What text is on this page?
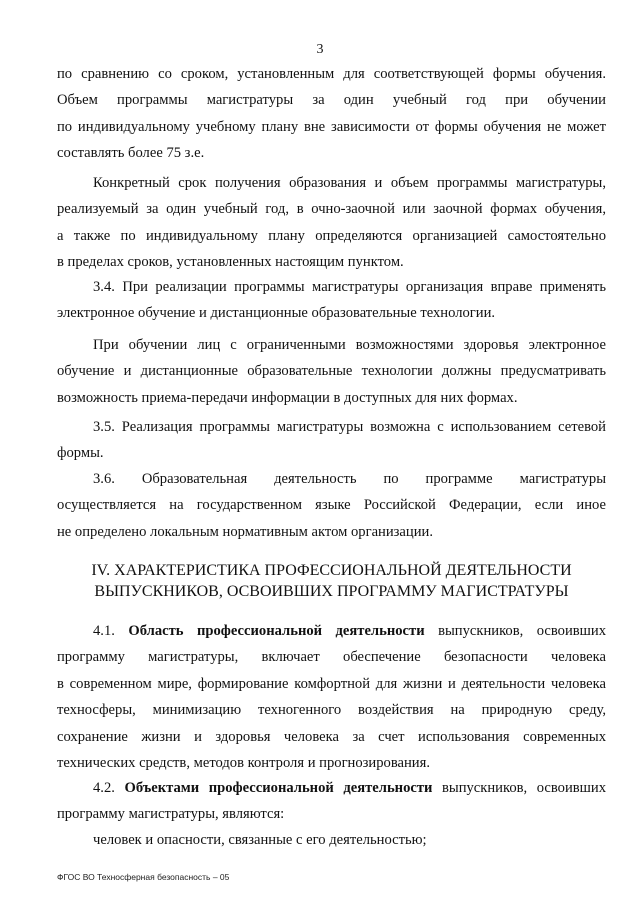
3

по сравнению со сроком, установленным для соответствующей формы обучения.

Объем программы магистратуры за один учебный год при обучении

по индивидуальному учебному плану вне зависимости от формы обучения не может

составлять более 75 з.е.

Конкретный срок получения образования и объем программы магистратуры,

реализуемый за один учебный год, в очно-заочной или заочной формах обучения,

а также по индивидуальному плану определяются организацией самостоятельно

в пределах сроков, установленных настоящим пунктом.

3.4. При реализации программы магистратуры организация вправе применять

электронное обучение и дистанционные образовательные технологии.

При обучении лиц с ограниченными возможностями здоровья электронное

обучение и дистанционные образовательные технологии должны предусматривать

возможность приема-передачи информации в доступных для них формах.

3.5. Реализация программы магистратуры возможна с использованием сетевой

формы.

3.6. Образовательная деятельность по программе магистратуры

осуществляется на государственном языке Российской Федерации, если иное

не определено локальным нормативным актом организации.

IV. ХАРАКТЕРИСТИКА ПРОФЕССИОНАЛЬНОЙ ДЕЯТЕЛЬНОСТИ

ВЫПУСКНИКОВ, ОСВОИВШИХ ПРОГРАММУ МАГИСТРАТУРЫ

4.1. Область профессиональной деятельности выпускников, освоивших

программу магистратуры, включает обеспечение безопасности человека

в современном мире, формирование комфортной для жизни и деятельности человека

техносферы, минимизацию техногенного воздействия на природную среду,

сохранение жизни и здоровья человека за счет использования современных

технических средств, методов контроля и прогнозирования.

4.2. Объектами профессиональной деятельности выпускников, освоивших

программу магистратуры, являются:

человек и опасности, связанные с его деятельностью;

ФГОС ВО Техносферная безопасность – 05
